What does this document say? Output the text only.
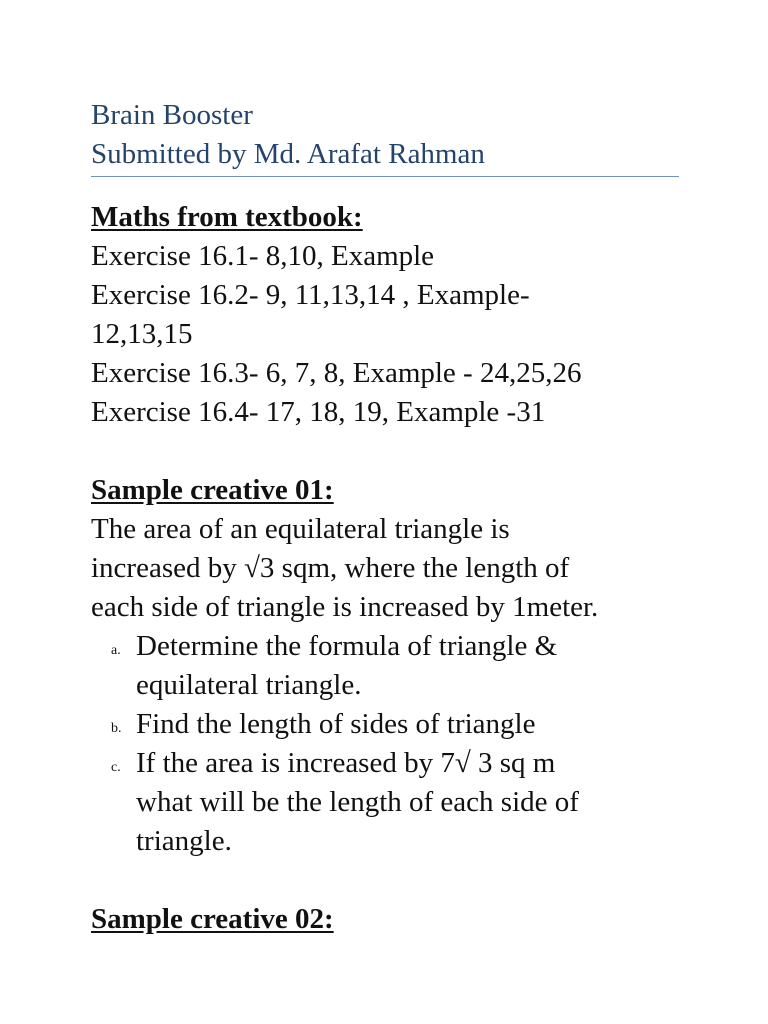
Brain Booster
Submitted by Md. Arafat Rahman
Maths from textbook:
Exercise 16.1- 8,10, Example
Exercise 16.2- 9, 11,13,14 , Example-
12,13,15
Exercise 16.3- 6, 7, 8, Example - 24,25,26
Exercise 16.4- 17, 18, 19, Example -31
Sample creative 01:
The area of an equilateral triangle is
increased by √3 sqm, where the length of
each side of triangle is increased by 1meter.
a. Determine the formula of triangle &
equilateral triangle.
b. Find the length of sides of triangle
c. If the area is increased by 7√ 3 sq m
what will be the length of each side of
triangle.
Sample creative 02:
